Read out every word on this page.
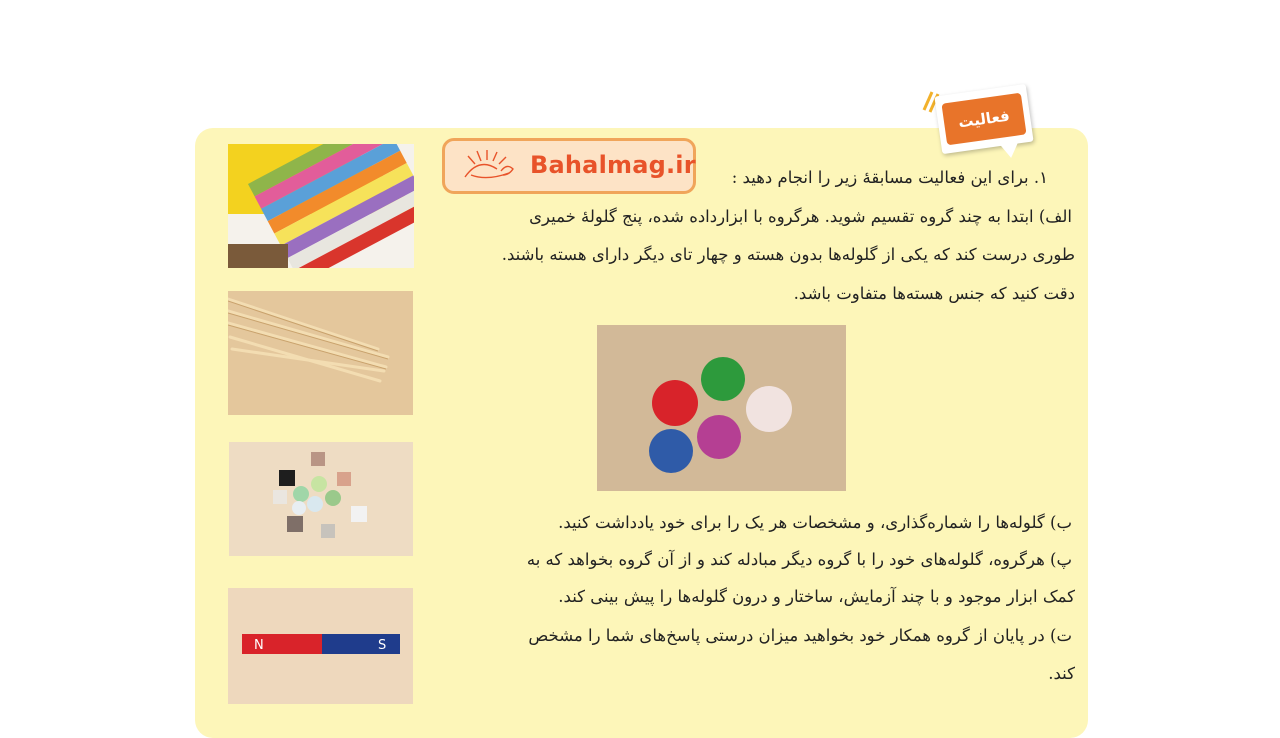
فعالیت
Bahalmag.ir ۱. برای این فعالیت مسابقهٔ زیر را انجام دهید :
الف) ابتدا به چند گروه تقسیم شوید. هرگروه با ابزارداده شده، پنج گلولهٔ خمیری
طوری درست کند که یکی از گلوله‌ها بدون هسته و چهار تای دیگر دارای هسته باشند.
دقت کنید که جنس هسته‌ها متفاوت باشد.
ب) گلوله‌ها را شماره‌گذاری، و مشخصات هر یک را برای خود یادداشت کنید.
پ) هرگروه، گلوله‌های خود را با گروه دیگر مبادله کند و از آن گروه بخواهد که به
کمک ابزار موجود و با چند آزمایش، ساختار و درون گلوله‌ها را پیش بینی کند.
ت) در پایان از گروه همکار خود بخواهید میزان درستی پاسخ‌های شما را مشخص
کند.
N	S
